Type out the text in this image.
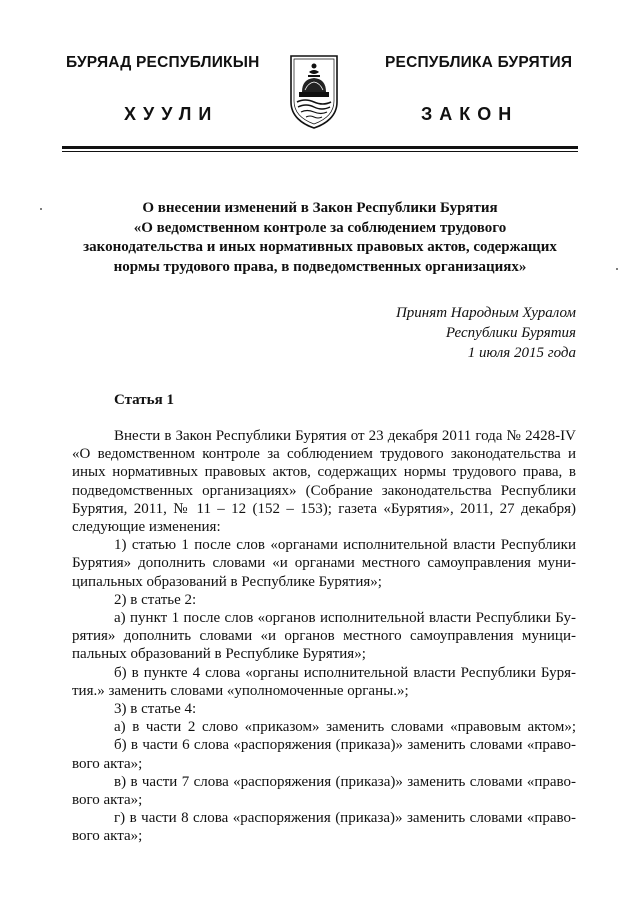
БУРЯАД РЕСПУБЛИКЫН	РЕСПУБЛИКА БУРЯТИЯ
ХУУЛИ	ЗАКОН
О внесении изменений в Закон Республики Бурятия
«О ведомственном контроле за соблюдением трудового
законодательства и иных нормативных правовых актов, содержащих
нормы трудового права, в подведомственных организациях»
Принят Народным Хуралом
Республики Бурятия
1 июля 2015 года
Статья 1
Внести в Закон Республики Бурятия от 23 декабря 2011 года № 2428-IV
«О ведомственном контроле за соблюдением трудового законодательства и
иных нормативных правовых актов, содержащих нормы трудового права, в
подведомственных организациях» (Собрание законодательства Республики
Бурятия, 2011, № 11 – 12 (152 – 153); газета «Бурятия», 2011, 27 декабря)
следующие изменения:
1) статью 1 после слов «органами исполнительной власти Республики
Бурятия» дополнить словами «и органами местного самоуправления муни-
ципальных образований в Республике Бурятия»;
2) в статье 2:
а) пункт 1 после слов «органов исполнительной власти Республики Бу-
рятия» дополнить словами «и органов местного самоуправления муници-
пальных образований в Республике Бурятия»;
б) в пункте 4 слова «органы исполнительной власти Республики Буря-
тия.» заменить словами «уполномоченные органы.»;
3) в статье 4:
а) в части 2 слово «приказом» заменить словами «правовым актом»;
б) в части 6 слова «распоряжения (приказа)» заменить словами «право-
вого акта»;
в) в части 7 слова «распоряжения (приказа)» заменить словами «право-
вого акта»;
г) в части 8 слова «распоряжения (приказа)» заменить словами «право-
вого акта»;
